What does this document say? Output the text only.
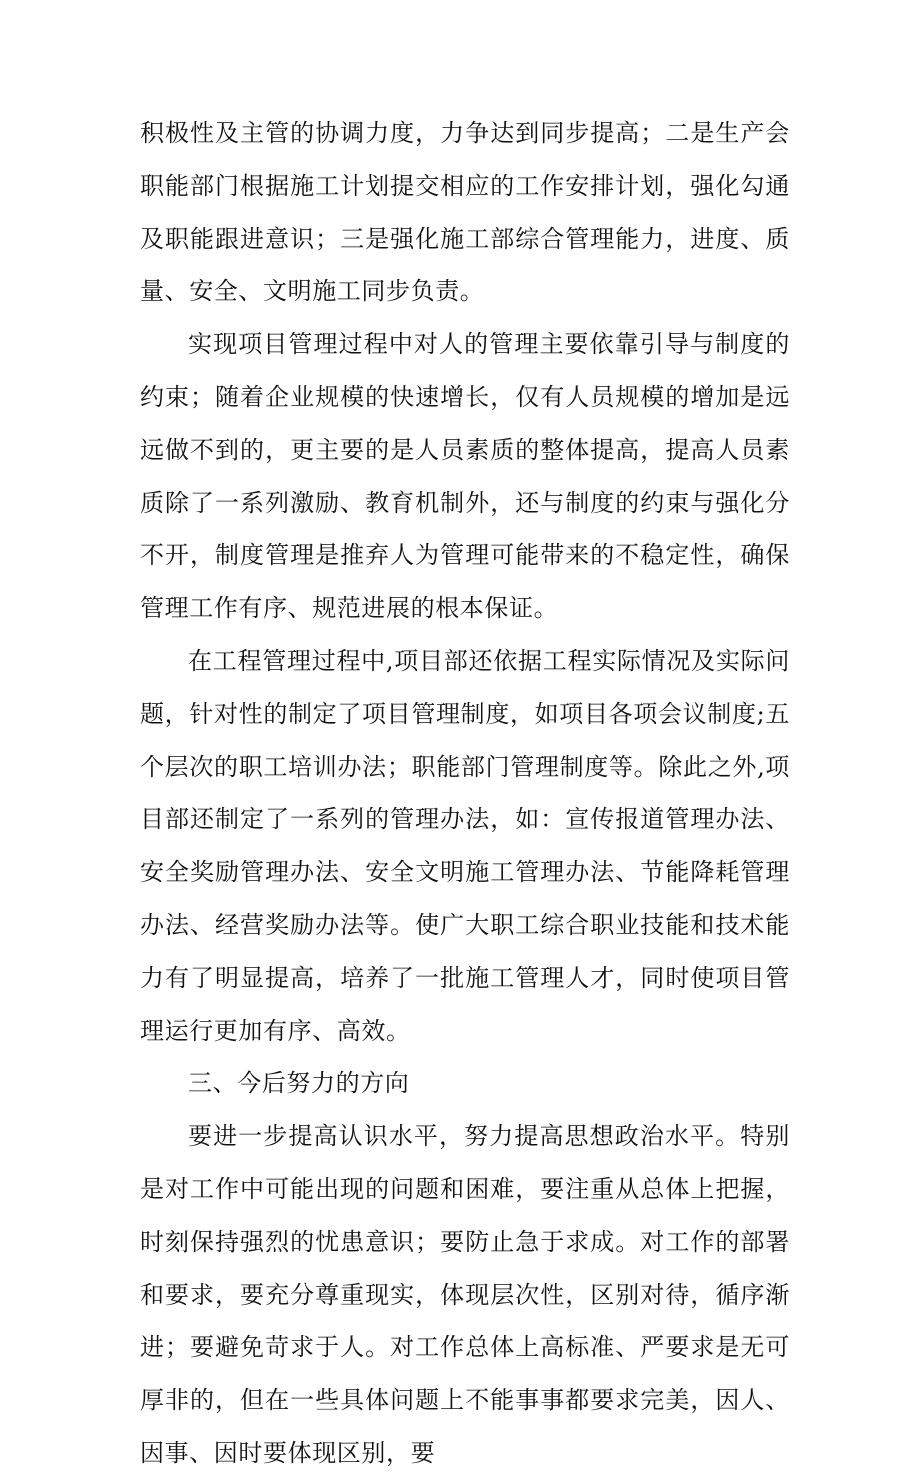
积极性及主管的协调力度，力争达到同步提高；二是生产会职能部门根据施工计划提交相应的工作安排计划，强化勾通及职能跟进意识；三是强化施工部综合管理能力，进度、质量、安全、文明施工同步负责。

实现项目管理过程中对人的管理主要依靠引导与制度的约束；随着企业规模的快速增长，仅有人员规模的增加是远远做不到的，更主要的是人员素质的整体提高，提高人员素质除了一系列激励、教育机制外，还与制度的约束与强化分不开，制度管理是推弃人为管理可能带来的不稳定性，确保管理工作有序、规范进展的根本保证。

在工程管理过程中,项目部还依据工程实际情况及实际问题，针对性的制定了项目管理制度，如项目各项会议制度;五个层次的职工培训办法；职能部门管理制度等。除此之外,项目部还制定了一系列的管理办法，如：宣传报道管理办法、安全奖励管理办法、安全文明施工管理办法、节能降耗管理办法、经营奖励办法等。使广大职工综合职业技能和技术能力有了明显提高，培养了一批施工管理人才，同时使项目管理运行更加有序、高效。

三、今后努力的方向

要进一步提高认识水平，努力提高思想政治水平。特别是对工作中可能出现的问题和困难，要注重从总体上把握，时刻保持强烈的忧患意识；要防止急于求成。对工作的部署和要求，要充分尊重现实，体现层次性，区别对待，循序渐进；要避免苛求于人。对工作总体上高标准、严要求是无可厚非的，但在一些具体问题上不能事事都要求完美，因人、因事、因时要体现区别，要
